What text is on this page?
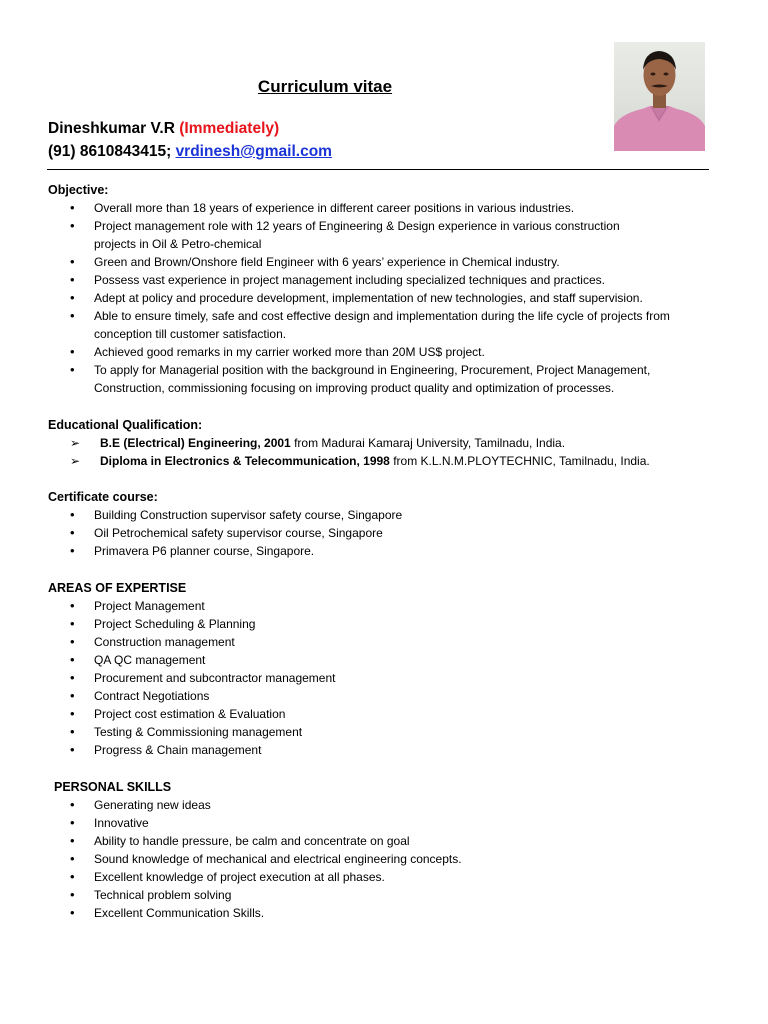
Curriculum vitae
Dineshkumar V.R (Immediately)
(91) 8610843415; vrdinesh@gmail.com
Objective:
• Overall more than 18 years of experience in different career positions in various industries.
• Project management role with 12 years of Engineering & Design experience in various construction projects in Oil & Petro-chemical
• Green and Brown/Onshore field Engineer with 6 years’ experience in Chemical industry.
• Possess vast experience in project management including specialized techniques and practices.
• Adept at policy and procedure development, implementation of new technologies, and staff supervision.
• Able to ensure timely, safe and cost effective design and implementation during the life cycle of projects from conception till customer satisfaction.
• Achieved good remarks in my carrier worked more than 20M US$ project.
• To apply for Managerial position with the background in Engineering, Procurement, Project Management, Construction, commissioning focusing on improving product quality and optimization of processes.
Educational Qualification:
➢ B.E (Electrical) Engineering, 2001 from Madurai Kamaraj University, Tamilnadu, India.
➢ Diploma in Electronics & Telecommunication, 1998 from K.L.N.M.PLOYTECHNIC, Tamilnadu, India.
Certificate course:
• Building Construction supervisor safety course, Singapore
• Oil Petrochemical safety supervisor course, Singapore
• Primavera P6 planner course, Singapore.
AREAS OF EXPERTISE
• Project Management
• Project Scheduling & Planning
• Construction management
• QA QC management
• Procurement and subcontractor management
• Contract Negotiations
• Project cost estimation & Evaluation
• Testing & Commissioning management
• Progress & Chain management
PERSONAL SKILLS
• Generating new ideas
• Innovative
• Ability to handle pressure, be calm and concentrate on goal
• Sound knowledge of mechanical and electrical engineering concepts.
• Excellent knowledge of project execution at all phases.
• Technical problem solving
• Excellent Communication Skills.
